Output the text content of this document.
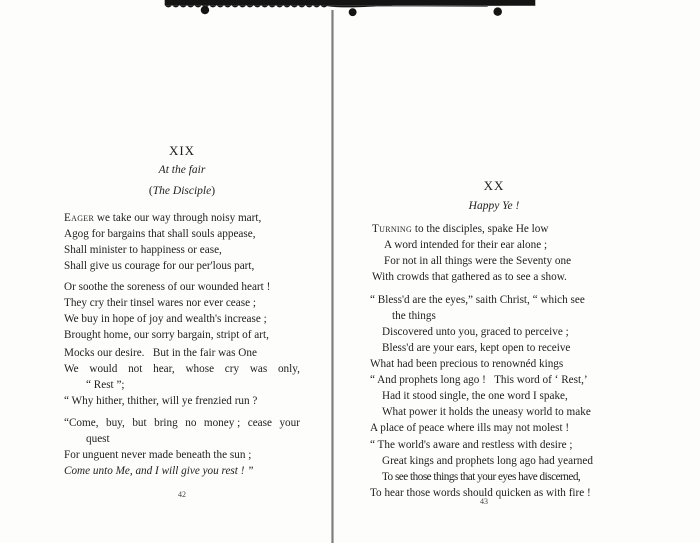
XIX
At the fair
(The Disciple)
Eager we take our way through noisy mart,
Agog for bargains that shall souls appease,
Shall minister to happiness or ease,
Shall give us courage for our per'lous part,
Or soothe the soreness of our wounded heart !
They cry their tinsel wares nor ever cease ;
We buy in hope of joy and wealth's increase ;
Brought home, our sorry bargain, stript of art,
Mocks our desire.   But in the fair was One
We would not hear, whose cry was only,
“ Rest ”;
“ Why hither, thither, will ye frenzied run ?
“Come, buy, but bring no money ; cease your
quest
For unguent never made beneath the sun ;
Come unto Me, and I will give you rest ! ”
42
XX
Happy Ye !
Turning to the disciples, spake He low
A word intended for their ear alone ;
For not in all things were the Seventy one
With crowds that gathered as to see a show.
“ Bless'd are the eyes,” saith Christ, “ which see
the things
Discovered unto you, graced to perceive ;
Bless'd are your ears, kept open to receive
What had been precious to renownéd kings
“ And prophets long ago !   This word of ‘ Rest,’
Had it stood single, the one word I spake,
What power it holds the uneasy world to make
A place of peace where ills may not molest !
“ The world's aware and restless with desire ;
Great kings and prophets long ago had yearned
To see those things that your eyes have discerned,
To hear those words should quicken as with fire !
43
